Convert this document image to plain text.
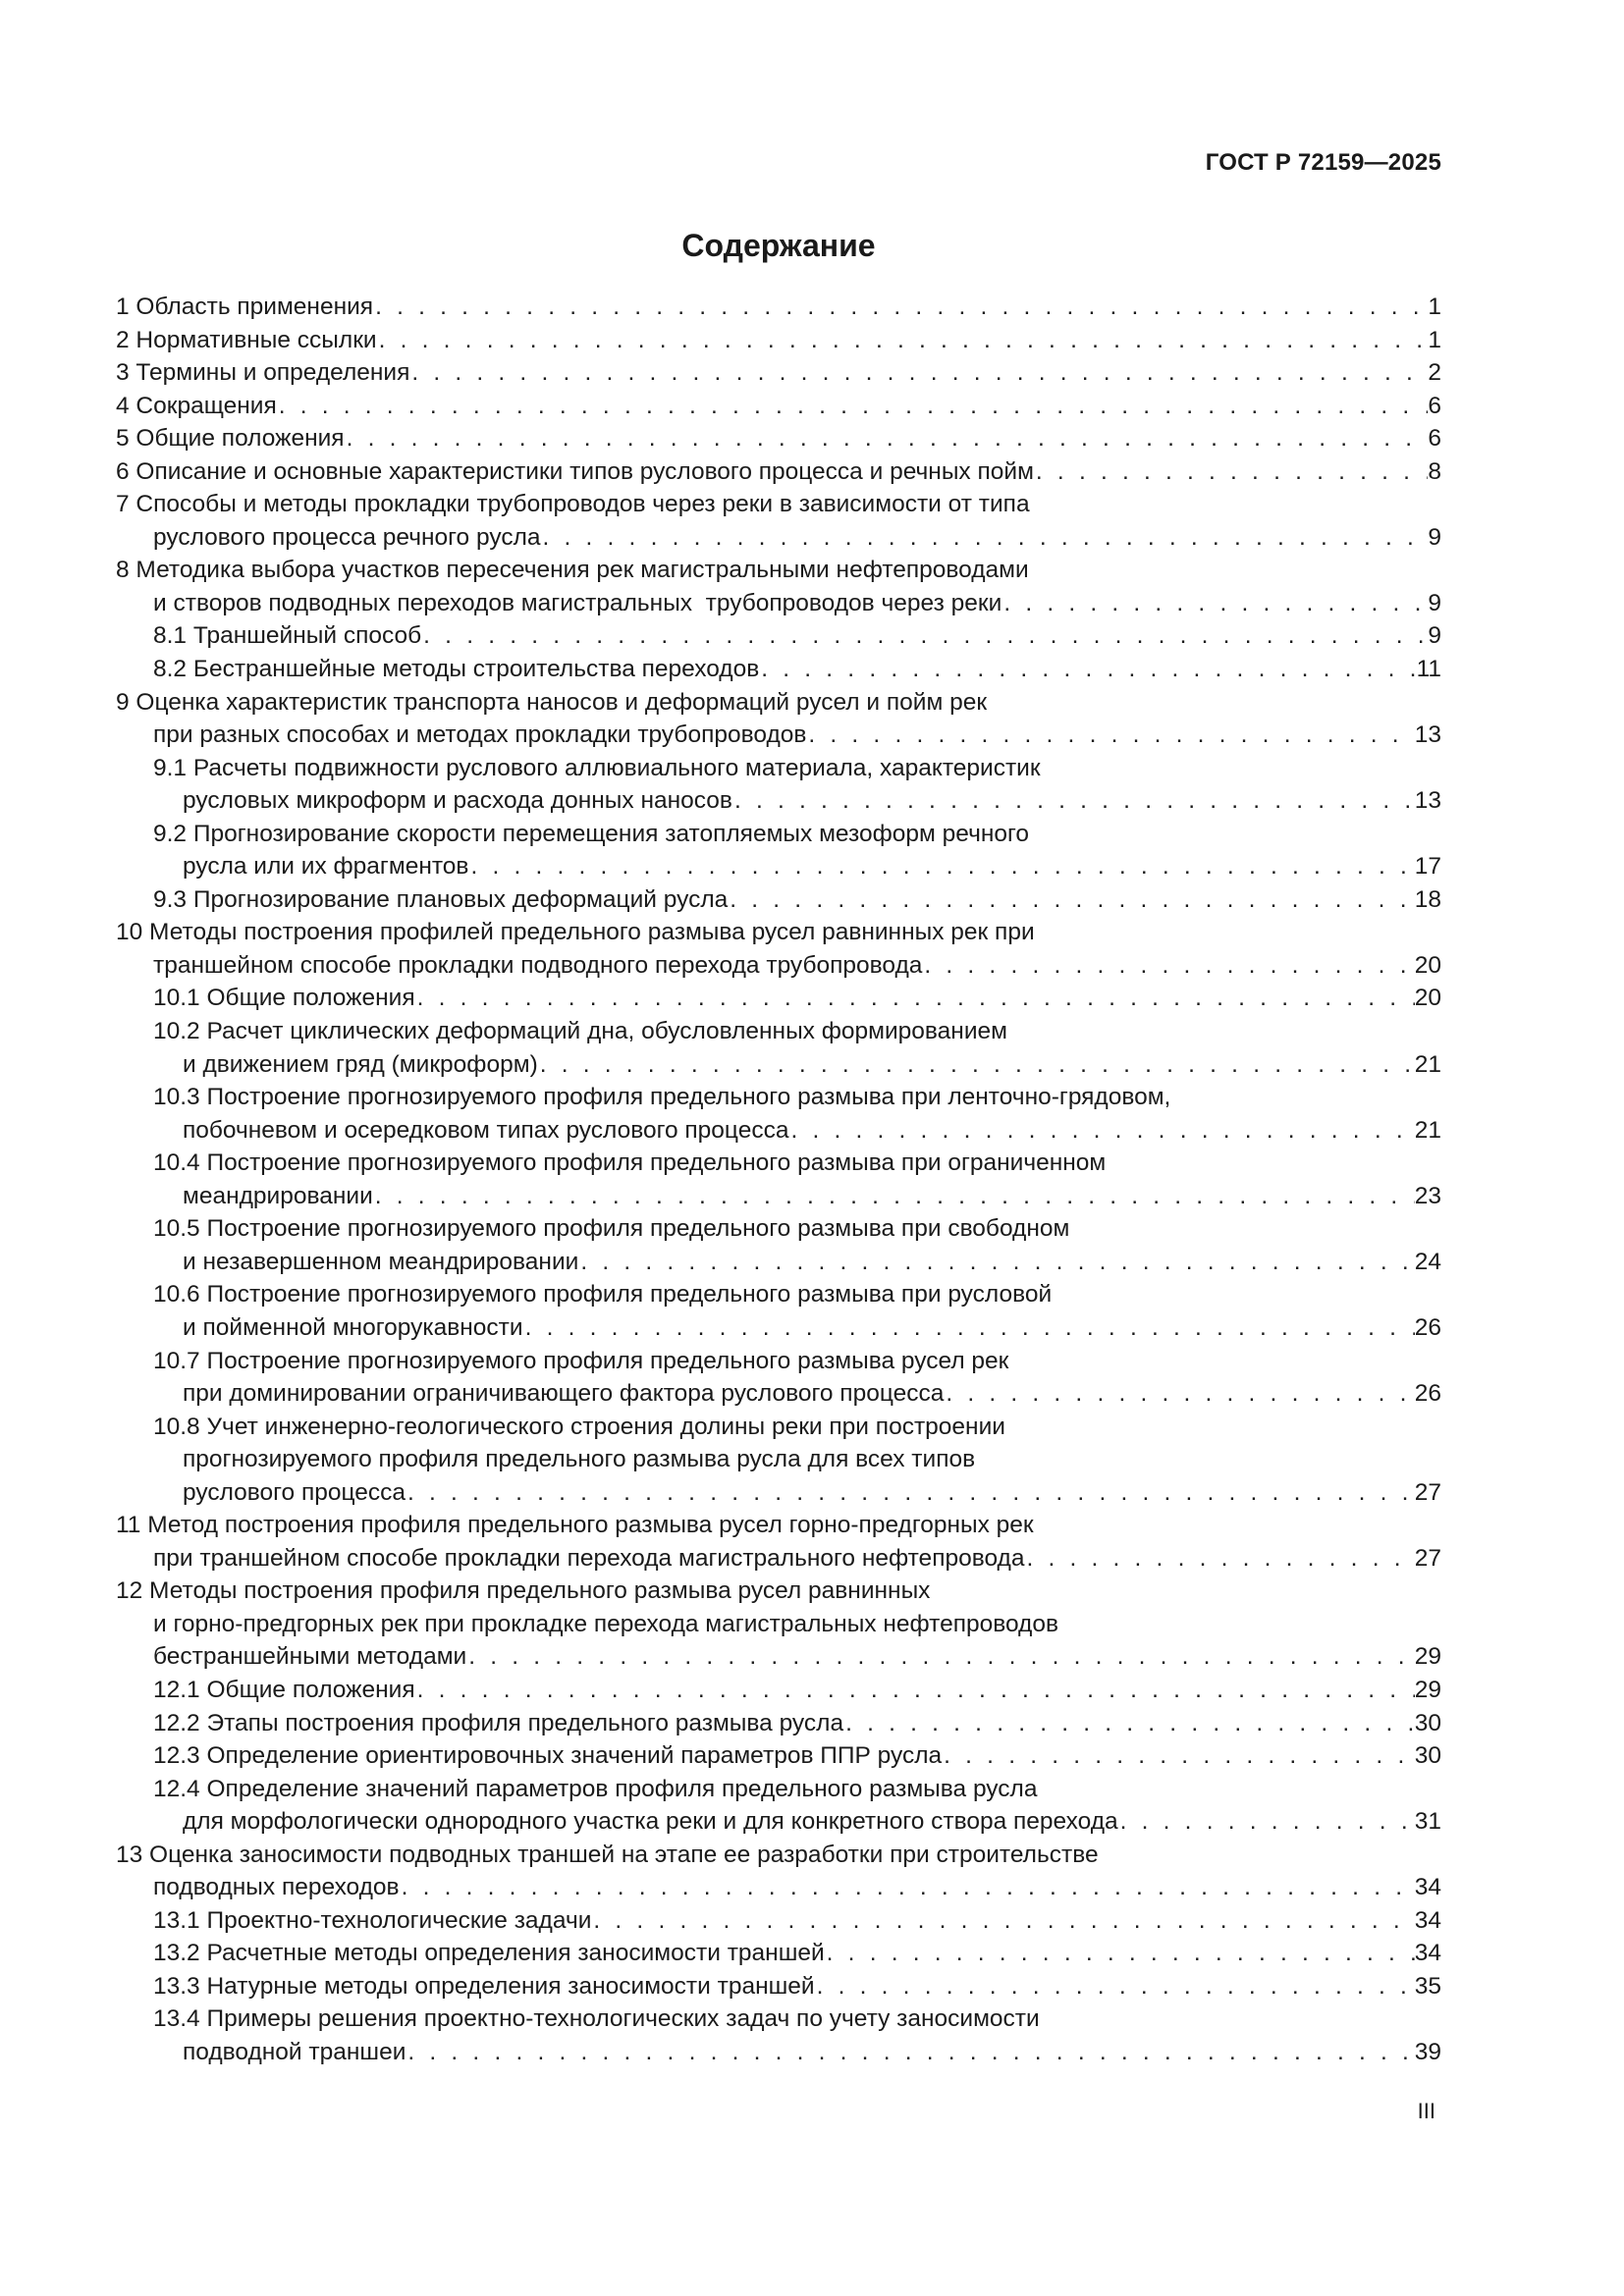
ГОСТ Р 72159—2025
Содержание
1 Область применения . . .	1
2 Нормативные ссылки . . .	1
3 Термины и определения . . .	2
4 Сокращения . . .	6
5 Общие положения . . .	6
6 Описание и основные характеристики типов руслового процесса и речных пойм . . .	8
7 Способы и методы прокладки трубопроводов через реки в зависимости от типа
руслового процесса речного русла . . .	9
8 Методика выбора участков пересечения рек магистральными нефтепроводами
и створов подводных переходов магистральных  трубопроводов через реки . . .	9
8.1 Траншейный способ . . .	9
8.2 Бестраншейные методы строительства переходов . . .	11
9 Оценка характеристик транспорта наносов и деформаций русел и пойм рек
при разных способах и методах прокладки трубопроводов . . .	13
9.1 Расчеты подвижности руслового аллювиального материала, характеристик
русловых микроформ и расхода донных наносов . . .	13
9.2 Прогнозирование скорости перемещения затопляемых мезоформ речного
русла или их фрагментов . . .	17
9.3 Прогнозирование плановых деформаций русла . . .	18
10 Методы построения профилей предельного размыва русел равнинных рек при
траншейном способе прокладки подводного перехода трубопровода . . .	20
10.1 Общие положения . . .	20
10.2 Расчет циклических деформаций дна, обусловленных формированием
и движением гряд (микроформ) . . .	21
10.3 Построение прогнозируемого профиля предельного размыва при ленточно-грядовом,
побочневом и осередковом типах руслового процесса . . .	21
10.4 Построение прогнозируемого профиля предельного размыва при ограниченном
меандрировании . . .	23
10.5 Построение прогнозируемого профиля предельного размыва при свободном
и незавершенном меандрировании . . .	24
10.6 Построение прогнозируемого профиля предельного размыва при русловой
и пойменной многорукавности . . .	26
10.7 Построение прогнозируемого профиля предельного размыва русел рек
при доминировании ограничивающего фактора руслового процесса . . .	26
10.8 Учет инженерно-геологического строения долины реки при построении
прогнозируемого профиля предельного размыва русла для всех типов
руслового процесса . . .	27
11 Метод построения профиля предельного размыва русел горно-предгорных рек
при траншейном способе прокладки перехода магистрального нефтепровода . . .	27
12 Методы построения профиля предельного размыва русел равнинных
и горно-предгорных рек при прокладке перехода магистральных нефтепроводов
бестраншейными методами . . .	29
12.1 Общие положения . . .	29
12.2 Этапы построения профиля предельного размыва русла . . .	30
12.3 Определение ориентировочных значений параметров ППР русла . . .	30
12.4 Определение значений параметров профиля предельного размыва русла
для морфологически однородного участка реки и для конкретного створа перехода . . .	31
13 Оценка заносимости подводных траншей на этапе ее разработки при строительстве
подводных переходов . . .	34
13.1 Проектно-технологические задачи . . .	34
13.2 Расчетные методы определения заносимости траншей . . .	34
13.3 Натурные методы определения заносимости траншей . . .	35
13.4 Примеры решения проектно-технологических задач по учету заносимости
подводной траншеи . . .	39
III
